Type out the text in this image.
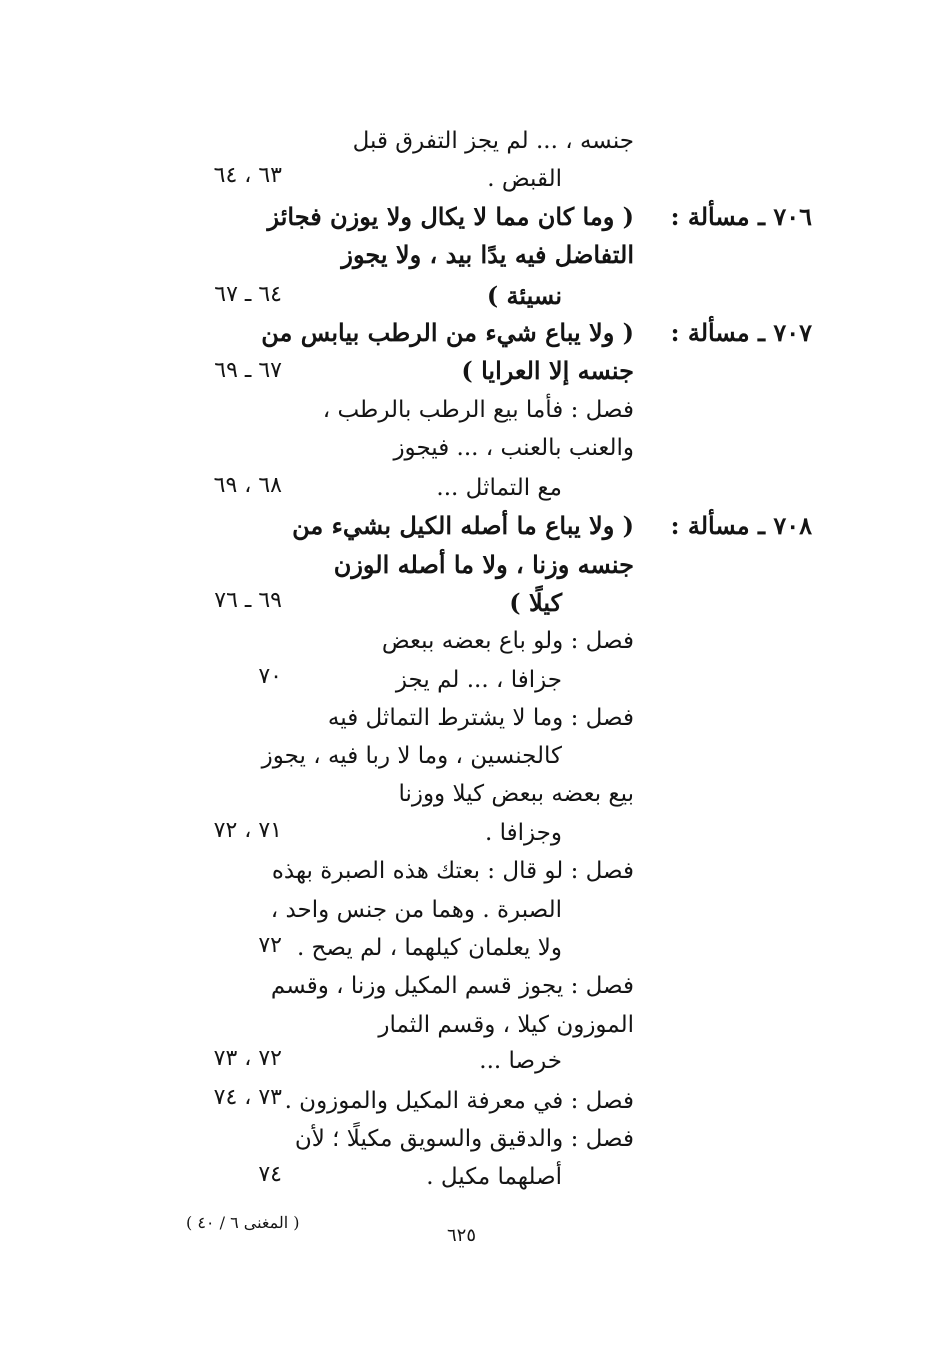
جنسه ، ... لم يجز التفرق قبل
القبض .
٦٣ ، ٦٤
٧٠٦ ـ مسألة :
( وما كان مما لا يكال ولا يوزن فجائز
التفاضل فيه يدًا بيد ، ولا يجوز
نسيئة )
٦٤ ـ ٦٧
٧٠٧ ـ مسألة :
( ولا يباع شيء من الرطب بيابس من
جنسه إلا العرايا )
٦٧ ـ ٦٩
فصل : فأما بيع الرطب بالرطب ،
والعنب بالعنب ، ... فيجوز
مع التماثل ...
٦٨ ، ٦٩
٧٠٨ ـ مسألة :
( ولا يباع ما أصله الكيل بشيء من
جنسه وزنا ، ولا ما أصله الوزن
كيلًا )
٦٩ ـ ٧٦
فصل : ولو باع بعضه ببعض
جزافا ، ... لم يجز
٧٠
فصل : وما لا يشترط التماثل فيه
كالجنسين ، وما لا ربا فيه ، يجوز
بيع بعضه ببعض كيلا ووزنا
وجزافا .
٧١ ، ٧٢
فصل : لو قال : بعتك هذه الصبرة بهذه
الصبرة . وهما من جنس واحد ،
ولا يعلمان كيلهما ، لم يصح .
٧٢
فصل : يجوز قسم المكيل وزنا ، وقسم
الموزون كيلا ، وقسم الثمار
خرصا ...
٧٢ ، ٧٣
فصل : في معرفة المكيل والموزون .
٧٣ ، ٧٤
فصل : والدقيق والسويق مكيلًا ؛ لأن
أصلهما مكيل .
٧٤
( المغنى ٦ / ٤٠ )
٦٢٥
